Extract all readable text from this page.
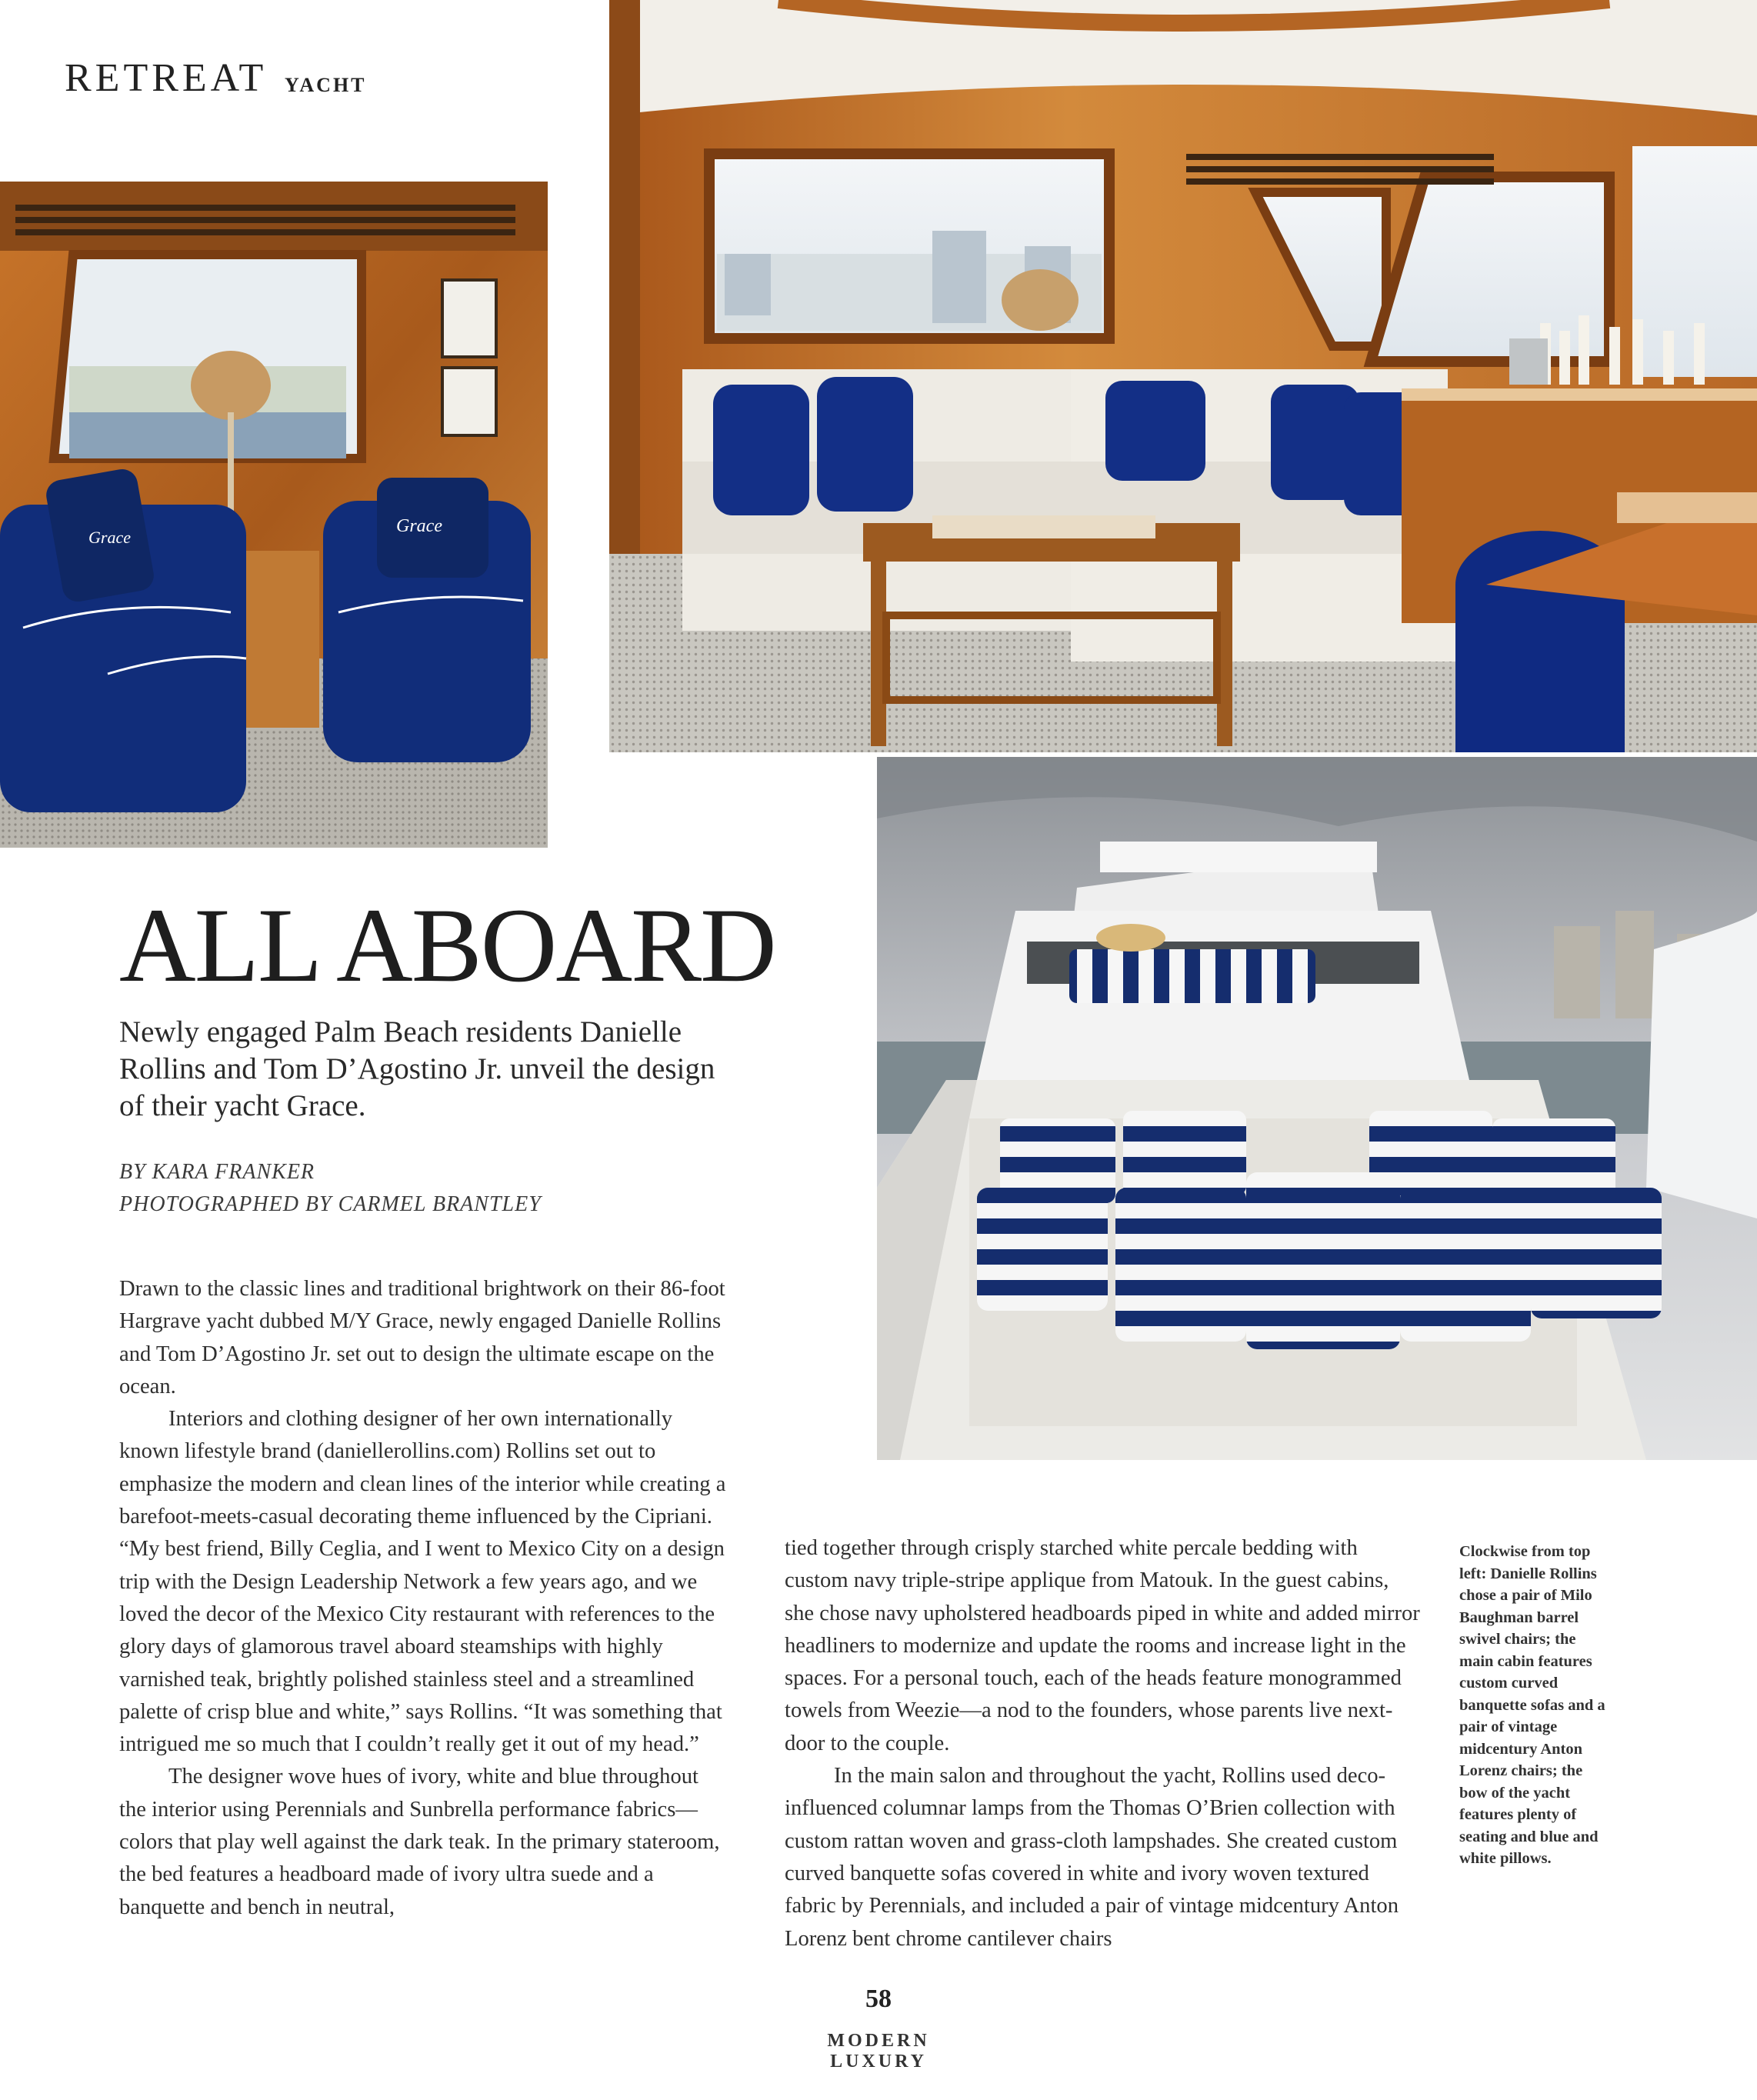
RETREAT YACHT
Grace
Grace
ALL ABOARD

Newly engaged Palm Beach residents Danielle Rollins and Tom D’Agostino Jr. unveil the design of their yacht Grace.

BY KARA FRANKER
PHOTOGRAPHED BY CARMEL BRANTLEY

Drawn to the classic lines and traditional brightwork on their 86-foot Hargrave yacht dubbed M/Y Grace, newly engaged Danielle Rollins and Tom D’Agostino Jr. set out to design the ultimate escape on the ocean.

Interiors and clothing designer of her own internationally known lifestyle brand (daniellerollins.com) Rollins set out to emphasize the modern and clean lines of the interior while creating a barefoot-meets-casual decorating theme influenced by the Cipriani. “My best friend, Billy Ceglia, and I went to Mexico City on a design trip with the Design Leadership Network a few years ago, and we loved the decor of the Mexico City restaurant with references to the glory days of glamorous travel aboard steamships with highly varnished teak, brightly polished stainless steel and a streamlined palette of crisp blue and white,” says Rollins. “It was something that intrigued me so much that I couldn’t really get it out of my head.”

The designer wove hues of ivory, white and blue throughout the interior using Perennials and Sunbrella performance fabrics—colors that play well against the dark teak. In the primary stateroom, the bed features a headboard made of ivory ultra suede and a banquette and bench in neutral,

tied together through crisply starched white percale bedding with custom navy triple-stripe applique from Matouk. In the guest cabins, she chose navy upholstered headboards piped in white and added mirror headliners to modernize and update the rooms and increase light in the spaces. For a personal touch, each of the heads feature monogrammed towels from Weezie—a nod to the founders, whose parents live next-door to the couple.

In the main salon and throughout the yacht, Rollins used deco-influenced columnar lamps from the Thomas O’Brien collection with custom rattan woven and grass-cloth lampshades. She created custom curved banquette sofas covered in white and ivory woven textured fabric by Perennials, and included a pair of vintage midcentury Anton Lorenz bent chrome cantilever chairs

Clockwise from top left: Danielle Rollins chose a pair of Milo Baughman barrel swivel chairs; the main cabin features custom curved banquette sofas and a pair of vintage midcentury Anton Lorenz chairs; the bow of the yacht features plenty of seating and blue and white pillows.
58
MODERN LUXURY
